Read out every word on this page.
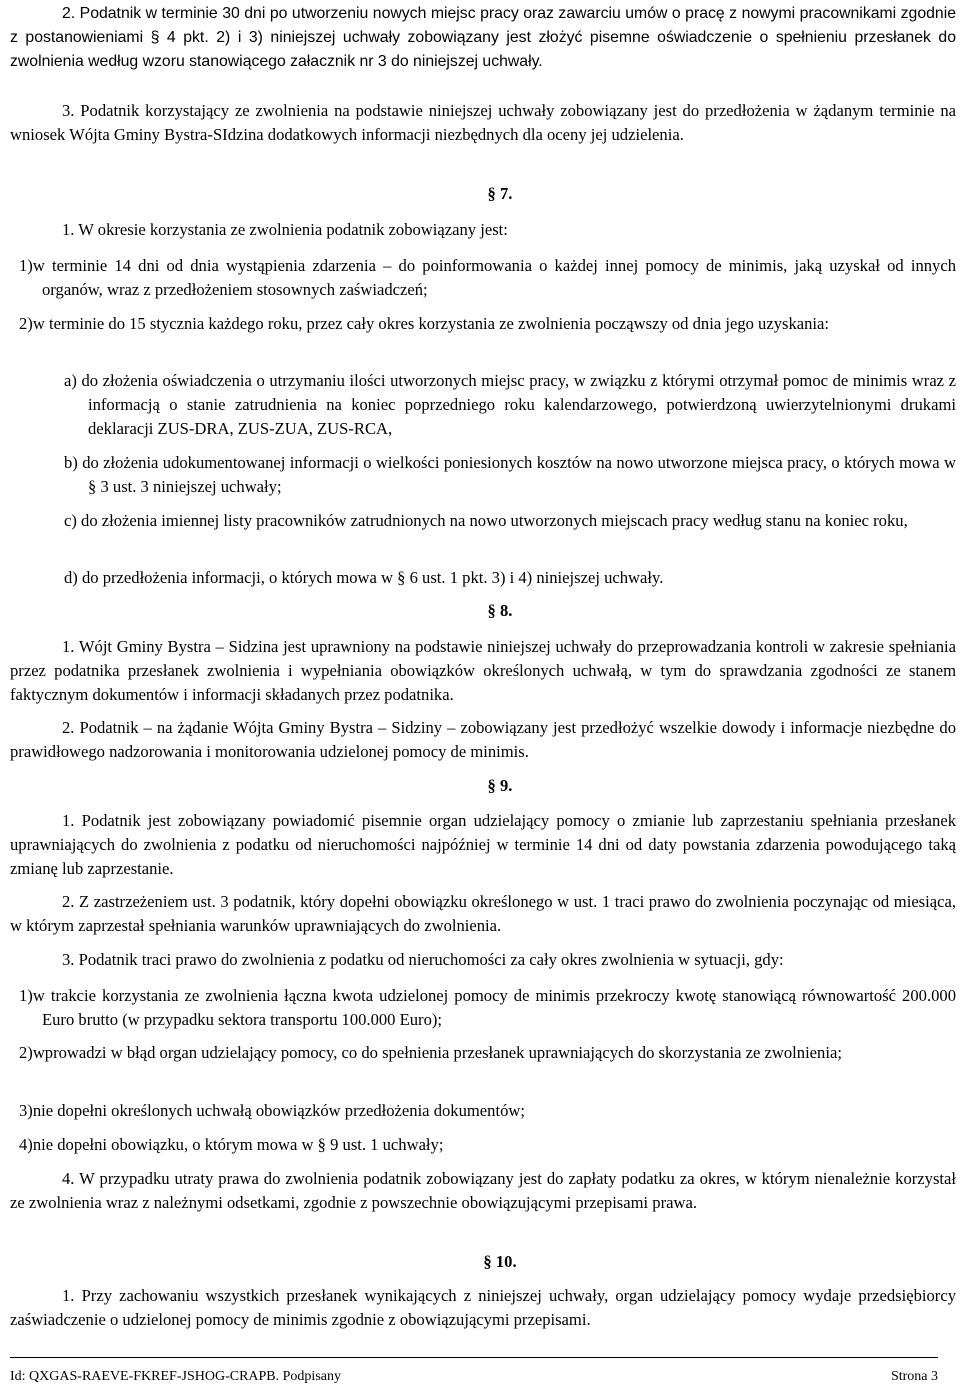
2. Podatnik w terminie 30 dni po utworzeniu nowych miejsc pracy oraz zawarciu umów o pracę z nowymi pracownikami zgodnie z postanowieniami § 4 pkt. 2) i 3) niniejszej uchwały zobowiązany jest złożyć pisemne oświadczenie o spełnieniu przesłanek do zwolnienia według wzoru stanowiącego załacznik nr 3 do niniejszej uchwały.

3. Podatnik korzystający ze zwolnienia na podstawie niniejszej uchwały zobowiązany jest do przedłożenia w żądanym terminie na wniosek Wójta Gminy Bystra-SIdzina dodatkowych informacji niezbędnych dla oceny jej udzielenia.

§ 7.

1. W okresie korzystania ze zwolnienia podatnik zobowiązany jest:

1)w terminie 14 dni od dnia wystąpienia zdarzenia – do poinformowania o każdej innej pomocy de minimis, jaką uzyskał od innych organów, wraz z przedłożeniem stosownych zaświadczeń;

2)w terminie do 15 stycznia każdego roku, przez cały okres korzystania ze zwolnienia począwszy od dnia jego uzyskania:

a) do złożenia oświadczenia o utrzymaniu ilości utworzonych miejsc pracy, w związku z którymi otrzymał pomoc de minimis wraz z informacją o stanie zatrudnienia na koniec poprzedniego roku kalendarzowego, potwierdzoną uwierzytelnionymi drukami deklaracji ZUS-DRA, ZUS-ZUA, ZUS-RCA,

b) do złożenia udokumentowanej informacji o wielkości poniesionych kosztów na nowo utworzone miejsca pracy, o których mowa w § 3 ust. 3 niniejszej uchwały;

c) do złożenia imiennej listy pracowników zatrudnionych na nowo utworzonych miejscach pracy według stanu na koniec roku,

d) do przedłożenia informacji, o których mowa w § 6 ust. 1 pkt. 3) i 4) niniejszej uchwały.

§ 8.

1. Wójt Gminy Bystra – Sidzina jest uprawniony na podstawie niniejszej uchwały do przeprowadzania kontroli w zakresie spełniania przez podatnika przesłanek zwolnienia i wypełniania obowiązków określonych uchwałą, w tym do sprawdzania zgodności ze stanem faktycznym dokumentów i informacji składanych przez podatnika.

2. Podatnik – na żądanie Wójta Gminy Bystra – Sidziny – zobowiązany jest przedłożyć wszelkie dowody i informacje niezbędne do prawidłowego nadzorowania i monitorowania udzielonej pomocy de minimis.

§ 9.

1. Podatnik jest zobowiązany powiadomić pisemnie organ udzielający pomocy o zmianie lub zaprzestaniu spełniania przesłanek uprawniających do zwolnienia z podatku od nieruchomości najpóźniej w terminie 14 dni od daty powstania zdarzenia powodującego taką zmianę lub zaprzestanie.

2. Z zastrzeżeniem ust. 3 podatnik, który dopełni obowiązku określonego w ust. 1 traci prawo do zwolnienia poczynając od miesiąca, w którym zaprzestał spełniania warunków uprawniających do zwolnienia.

3. Podatnik traci prawo do zwolnienia z podatku od nieruchomości za cały okres zwolnienia w sytuacji, gdy:

1)w trakcie korzystania ze zwolnienia łączna kwota udzielonej pomocy de minimis przekroczy kwotę stanowiącą równowartość 200.000 Euro brutto (w przypadku sektora transportu 100.000 Euro);

2)wprowadzi w błąd organ udzielający pomocy, co do spełnienia przesłanek uprawniających do skorzystania ze zwolnienia;

3)nie dopełni określonych uchwałą obowiązków przedłożenia dokumentów;

4)nie dopełni obowiązku, o którym mowa w § 9 ust. 1 uchwały;

4. W przypadku utraty prawa do zwolnienia podatnik zobowiązany jest do zapłaty podatku za okres, w którym nienależnie korzystał ze zwolnienia wraz z należnymi odsetkami, zgodnie z powszechnie obowiązującymi przepisami prawa.

§ 10.

1. Przy zachowaniu wszystkich przesłanek wynikających z niniejszej uchwały, organ udzielający pomocy wydaje przedsiębiorcy zaświadczenie o udzielonej pomocy de minimis zgodnie z obowiązującymi przepisami.

Id: QXGAS-RAEVE-FKREF-JSHOG-CRAPB. Podpisany	Strona 3
